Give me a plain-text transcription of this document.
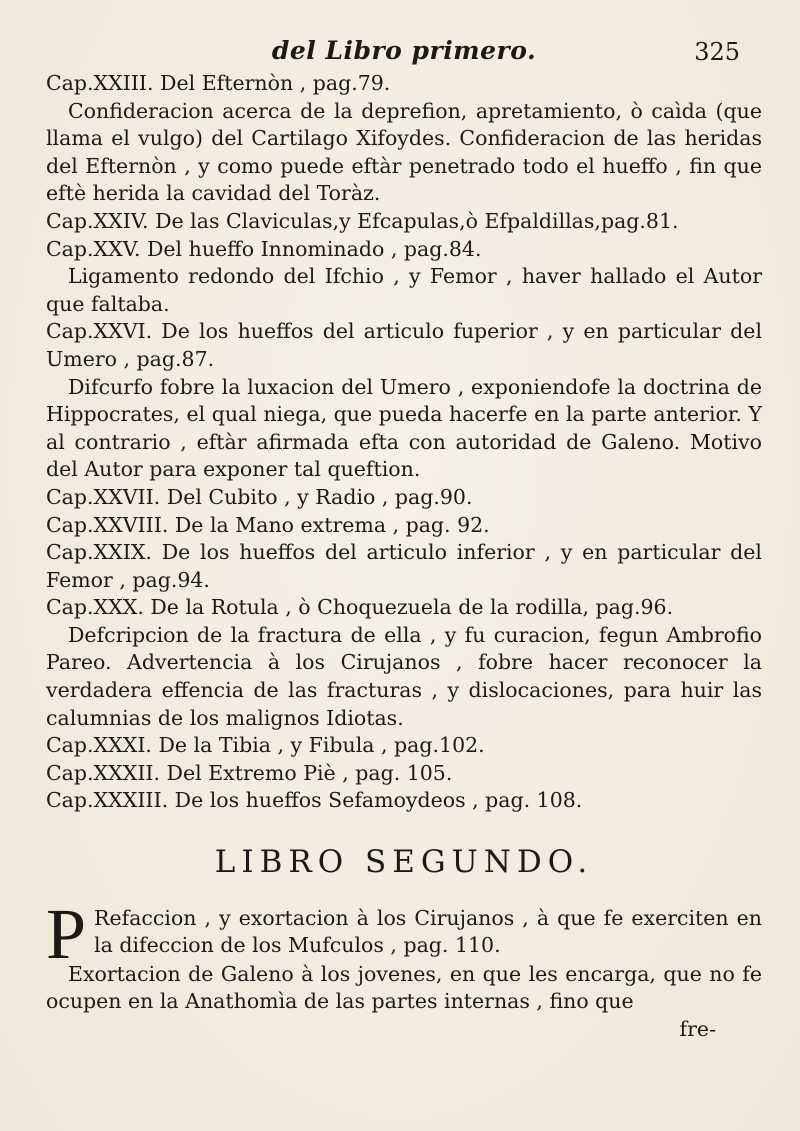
del Libro primero.	325

Cap.XXIII. Del Efternòn , pag.79.
Confideracion acerca de la deprefion, apretamiento, ò caìda (que llama el vulgo) del Cartilago Xifoydes. Confideracion de las heridas del Efternòn , y como puede eftàr penetrado todo el hueffo , fin que eftè herida la cavidad del Toràz.

Cap.XXIV. De las Claviculas,y Efcapulas,ò Efpaldillas,pag.81.

Cap.XXV. Del hueffo Innominado , pag.84.
Ligamento redondo del Ifchio , y Femor , haver hallado el Autor que faltaba.

Cap.XXVI. De los hueffos del articulo fuperior , y en particular del Umero , pag.87.
Difcurfo fobre la luxacion del Umero , exponiendofe la doctrina de Hippocrates, el qual niega, que pueda hacerfe en la parte anterior. Y al contrario , eftàr afirmada efta con autoridad de Galeno. Motivo del Autor para exponer tal queftion.

Cap.XXVII. Del Cubito , y Radio , pag.90.

Cap.XXVIII. De la Mano extrema , pag. 92.

Cap.XXIX. De los hueffos del articulo inferior , y en particular del Femor , pag.94.

Cap.XXX. De la Rotula , ò Choquezuela de la rodilla, pag.96.
Defcripcion de la fractura de ella , y fu curacion, fegun Ambrofio Pareo. Advertencia à los Cirujanos , fobre hacer reconocer la verdadera effencia de las fracturas , y dislocaciones, para huir las calumnias de los malignos Idiotas.

Cap.XXXI. De la Tibia , y Fibula , pag.102.

Cap.XXXII. Del Extremo Piè , pag. 105.

Cap.XXXIII. De los hueffos Sefamoydeos , pag. 108.

LIBRO SEGUNDO.

P Refaccion , y exortacion à los Cirujanos , à que fe exerciten en la difeccion de los Mufculos , pag. 110.

Exortacion de Galeno à los jovenes, en que les encarga, que no fe ocupen en la Anathomìa de las partes internas , fino que

fre-
